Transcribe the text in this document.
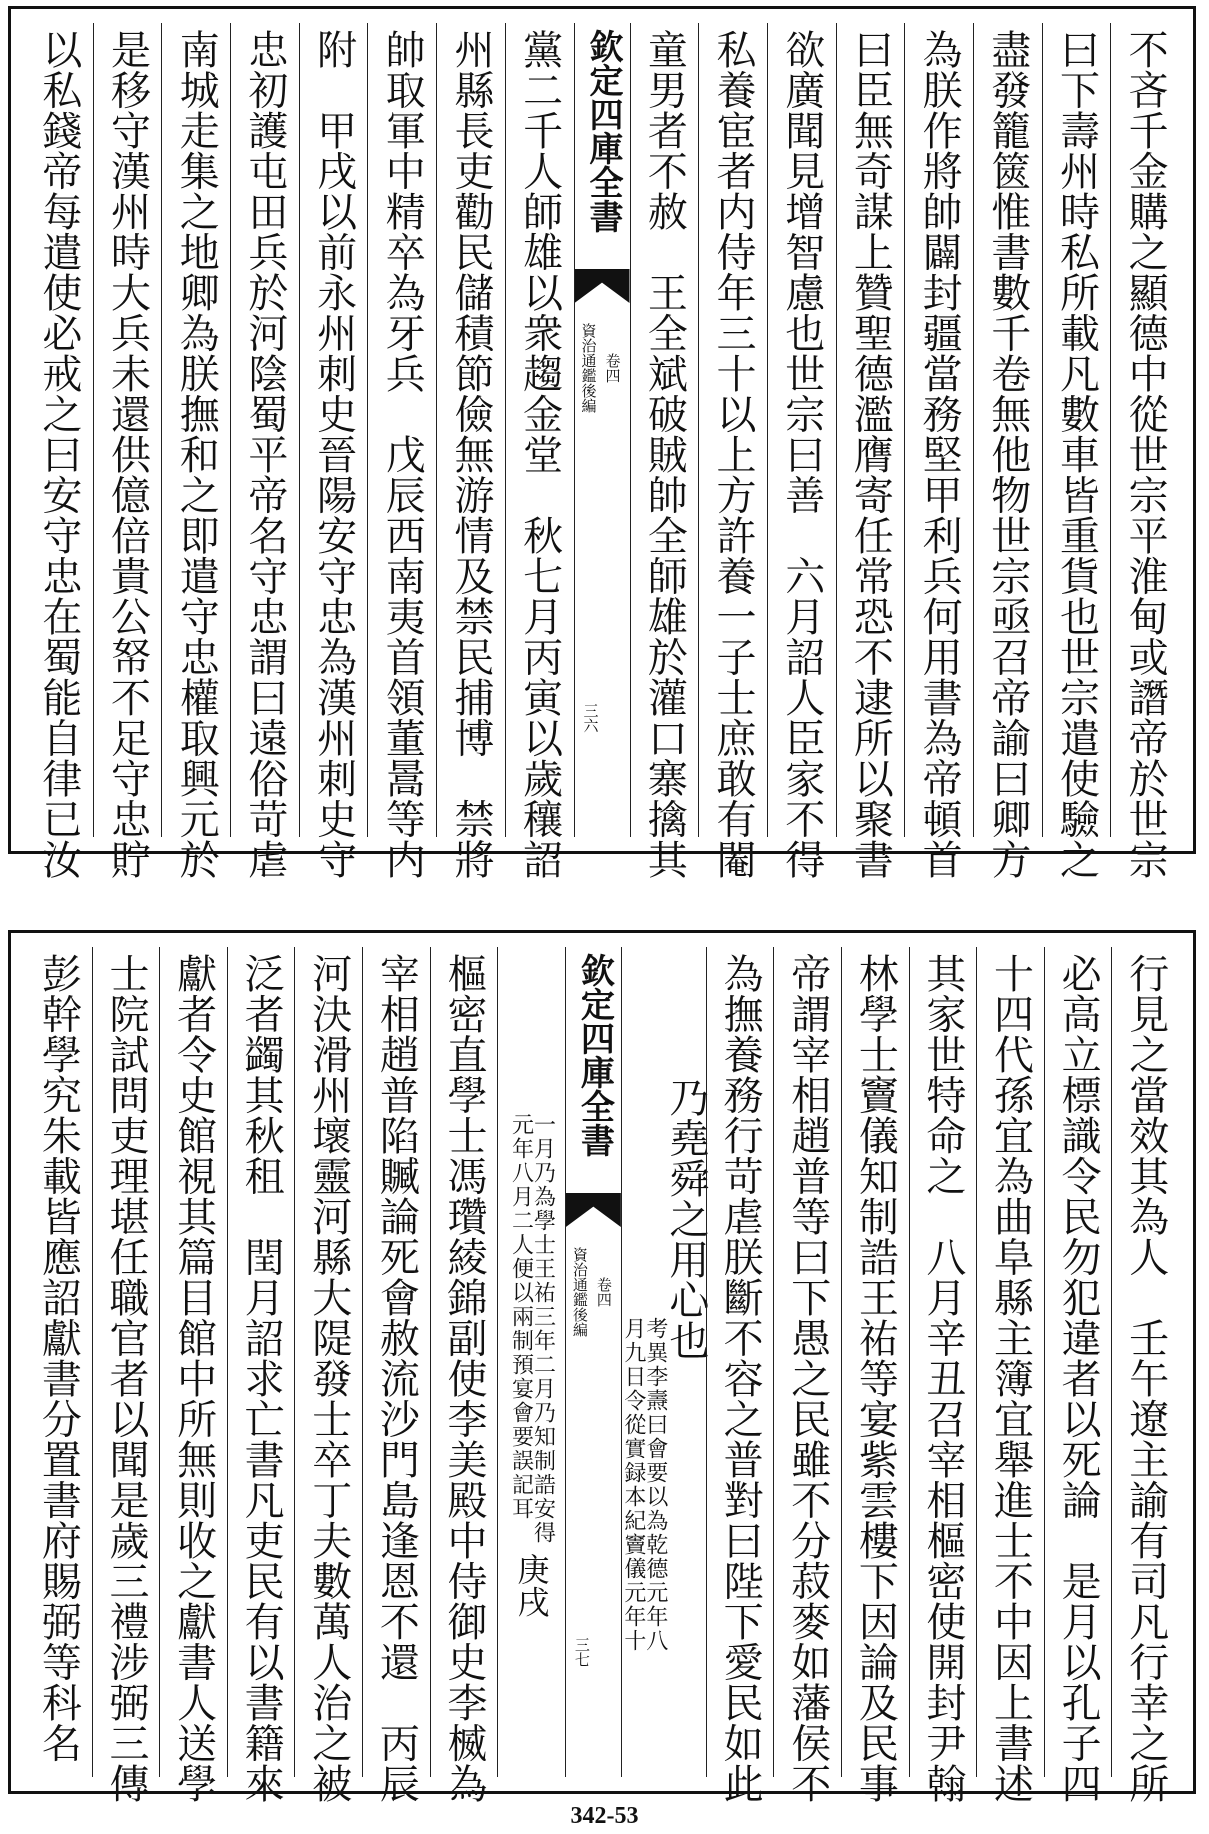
不吝千金購之顯德中從世宗平淮甸或譖帝於世宗
曰下壽州時私所載凡數車皆重貨也世宗遣使驗之
盡發籠篋惟書數千卷無他物世宗亟召帝諭曰卿方
為朕作將帥闢封疆當務堅甲利兵何用書為帝頓首
曰臣無奇謀上贊聖德濫膺寄任常恐不逮所以聚書
欲廣聞見增智慮也世宗曰善　六月詔人臣家不得
私養宦者内侍年三十以上方許養一子士庶敢有閹
童男者不赦　王全斌破賊帥全師雄於灌口寨擒其
欽定四庫全書
資治通鑑後編 卷四
三六
黨二千人師雄以衆趨金堂　秋七月丙寅以歲穰詔
州縣長吏勸民儲積節儉無游情及禁民捕博　禁將
帥取軍中精卒為牙兵　戊辰西南夷首領董暠等内
附　甲戌以前永州刺史晉陽安守忠為漢州刺史守
忠初護屯田兵於河陰蜀平帝名守忠謂曰遠俗苛虐
南城走集之地卿為朕撫和之即遣守忠權取興元於
是移守漢州時大兵未還供億倍貴公帑不足守忠貯
以私錢帝每遣使必戒之曰安守忠在蜀能自律已汝
行見之當效其為人　壬午遼主諭有司凡行幸之所
必高立標識令民勿犯違者以死論　是月以孔子四
十四代孫宜為曲阜縣主簿宜舉進士不中因上書述
其家世特命之　八月辛丑召宰相樞密使開封尹翰
林學士竇儀知制誥王祐等宴紫雲樓下因論及民事
帝謂宰相趙普等曰下愚之民雖不分菽麥如藩侯不
為撫養務行苛虐朕斷不容之普對曰陛下愛民如此
乃堯舜之用心也
考異李燾曰會要以為乾德元年八
月九日令從實録本紀竇儀元年十
欽定四庫全書
資治通鑑後編 卷四
三七
一月乃為學士王祐三年二月乃知制誥安得
元年八月二人便以兩制預宴會要誤記耳
庚戌
樞密直學士馮瓚綾錦副使李美殿中侍御史李楲為
宰相趙普陷贓論死會赦流沙門島逢恩不還　丙辰
河決滑州壞靈河縣大隄發士卒丁夫數萬人治之被
泛者蠲其秋租　閏月詔求亡書凡吏民有以書籍來
獻者令史館視其篇目館中所無則收之獻書人送學
士院試問吏理堪任職官者以聞是歲三禮涉弼三傳
彭幹學究朱載皆應詔獻書分置書府賜弼等科名
342-53
